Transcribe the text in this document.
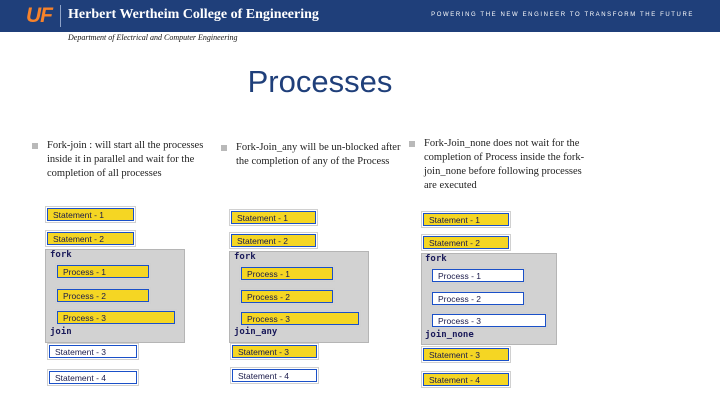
UF Herbert Wertheim College of Engineering	POWERING THE NEW ENGINEER TO TRANSFORM THE FUTURE
Department of Electrical and Computer Engineering
Processes
Fork-join : will start all the processes inside it in parallel and wait for the completion of all processes
Fork-Join_any will be un-blocked after the completion of any of the Process
Fork-Join_none does not wait for the completion of Process inside the fork-join_none before following processes are executed
Statement - 1
Statement - 2
fork
Process - 1
Process - 2
Process - 3
join
Statement - 3
Statement - 4
Statement - 1
Statement - 2
fork
Process - 1
Process - 2
Process - 3
join_any
Statement - 3
Statement - 4
Statement - 1
Statement - 2
fork
Process - 1
Process - 2
Process - 3
join_none
Statement - 3
Statement - 4
